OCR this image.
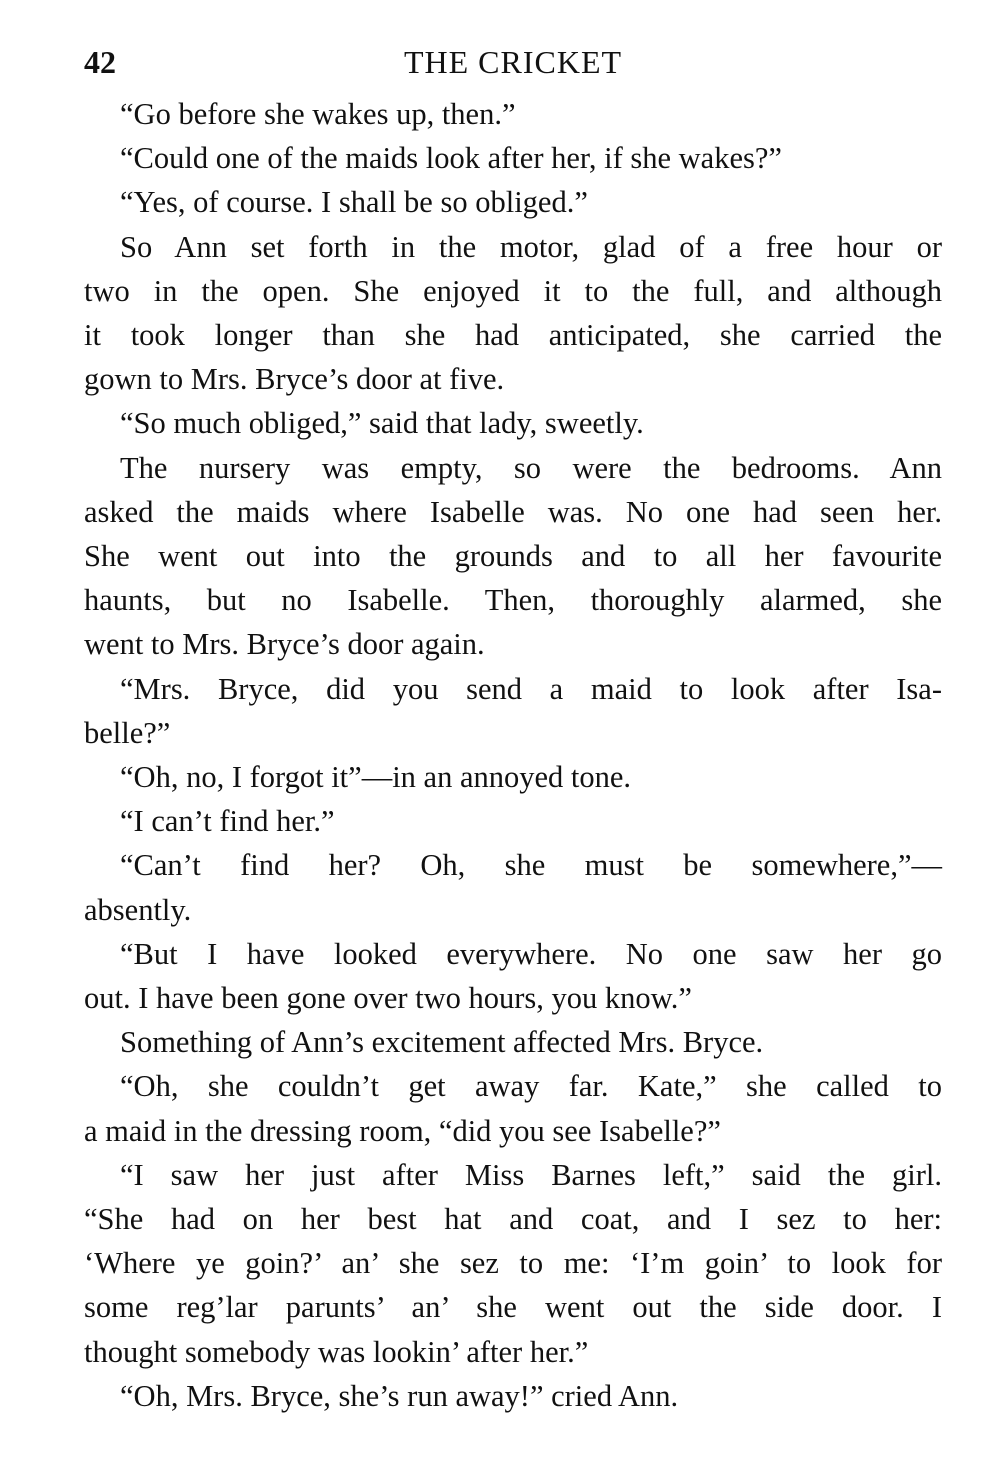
42	THE CRICKET

“Go before she wakes up, then.”

“Could one of the maids look after her, if she wakes?”

“Yes, of course. I shall be so obliged.”

So Ann set forth in the motor, glad of a free hour or
two in the open. She enjoyed it to the full, and although
it took longer than she had anticipated, she carried the
gown to Mrs. Bryce’s door at five.

“So much obliged,” said that lady, sweetly.

The nursery was empty, so were the bedrooms. Ann
asked the maids where Isabelle was. No one had seen her.
She went out into the grounds and to all her favourite
haunts, but no Isabelle. Then, thoroughly alarmed, she
went to Mrs. Bryce’s door again.

“Mrs. Bryce, did you send a maid to look after Isa-
belle?”

“Oh, no, I forgot it”—in an annoyed tone.

“I can’t find her.”

“Can’t find her? Oh, she must be somewhere,”—
absently.

“But I have looked everywhere. No one saw her go
out. I have been gone over two hours, you know.”

Something of Ann’s excitement affected Mrs. Bryce.

“Oh, she couldn’t get away far. Kate,” she called to
a maid in the dressing room, “did you see Isabelle?”

“I saw her just after Miss Barnes left,” said the girl.
“She had on her best hat and coat, and I sez to her:
‘Where ye goin?’ an’ she sez to me: ‘I’m goin’ to look for
some reg’lar parunts’ an’ she went out the side door. I
thought somebody was lookin’ after her.”

“Oh, Mrs. Bryce, she’s run away!” cried Ann.
